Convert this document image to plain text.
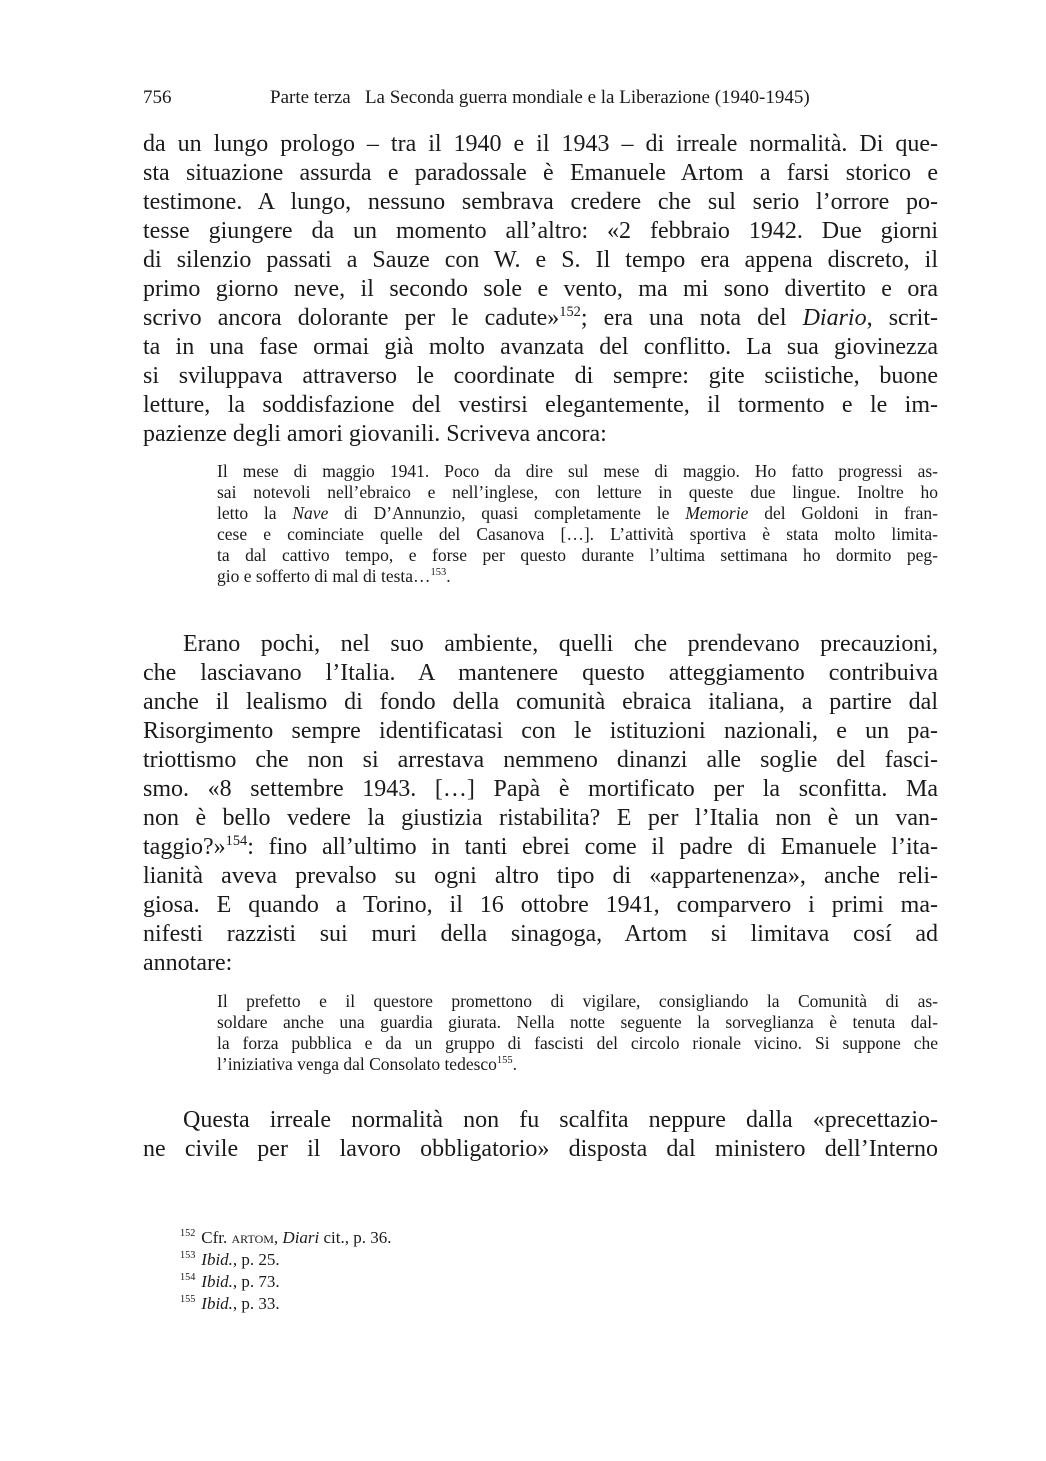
756	Parte terza   La Seconda guerra mondiale e la Liberazione (1940-1945)

da un lungo prologo – tra il 1940 e il 1943 – di irreale normalità. Di que-
sta situazione assurda e paradossale è Emanuele Artom a farsi storico e
testimone. A lungo, nessuno sembrava credere che sul serio l’orrore po-
tesse giungere da un momento all’altro: «2 febbraio 1942. Due giorni
di silenzio passati a Sauze con W. e S. Il tempo era appena discreto, il
primo giorno neve, il secondo sole e vento, ma mi sono divertito e ora
scrivo ancora dolorante per le cadute»$^{152}$; era una nota del Diario, scrit-
ta in una fase ormai già molto avanzata del conflitto. La sua giovinezza
si sviluppava attraverso le coordinate di sempre: gite sciistiche, buone
letture, la soddisfazione del vestirsi elegantemente, il tormento e le im-
pazienze degli amori giovanili. Scriveva ancora:

Il mese di maggio 1941. Poco da dire sul mese di maggio. Ho fatto progressi as-
sai notevoli nell’ebraico e nell’inglese, con letture in queste due lingue. Inoltre ho
letto la Nave di D’Annunzio, quasi completamente le Memorie del Goldoni in fran-
cese e cominciate quelle del Casanova […]. L’attività sportiva è stata molto limita-
ta dal cattivo tempo, e forse per questo durante l’ultima settimana ho dormito peg-
gio e sofferto di mal di testa…$^{153}$.

Erano pochi, nel suo ambiente, quelli che prendevano precauzioni,

che lasciavano l’Italia. A mantenere questo atteggiamento contribuiva
anche il lealismo di fondo della comunità ebraica italiana, a partire dal
Risorgimento sempre identificatasi con le istituzioni nazionali, e un pa-
triottismo che non si arrestava nemmeno dinanzi alle soglie del fasci-
smo. «8 settembre 1943. […] Papà è mortificato per la sconfitta. Ma
non è bello vedere la giustizia ristabilita? E per l’Italia non è un van-
taggio?»$^{154}$: fino all’ultimo in tanti ebrei come il padre di Emanuele l’ita-
lianità aveva prevalso su ogni altro tipo di «appartenenza», anche reli-
giosa. E quando a Torino, il 16 ottobre 1941, comparvero i primi ma-
nifesti razzisti sui muri della sinagoga, Artom si limitava cosí ad
annotare:

Il prefetto e il questore promettono di vigilare, consigliando la Comunità di as-
soldare anche una guardia giurata. Nella notte seguente la sorveglianza è tenuta dal-
la forza pubblica e da un gruppo di fascisti del circolo rionale vicino. Si suppone che
l’iniziativa venga dal Consolato tedesco$^{155}$.

Questa irreale normalità non fu scalfita neppure dalla «precettazio-
ne civile per il lavoro obbligatorio» disposta dal ministero dell’Interno

$^{152}$ Cfr. artom, Diari cit., p. 36.
$^{153}$ Ibid., p. 25.
$^{154}$ Ibid., p. 73.
$^{155}$ Ibid., p. 33.
